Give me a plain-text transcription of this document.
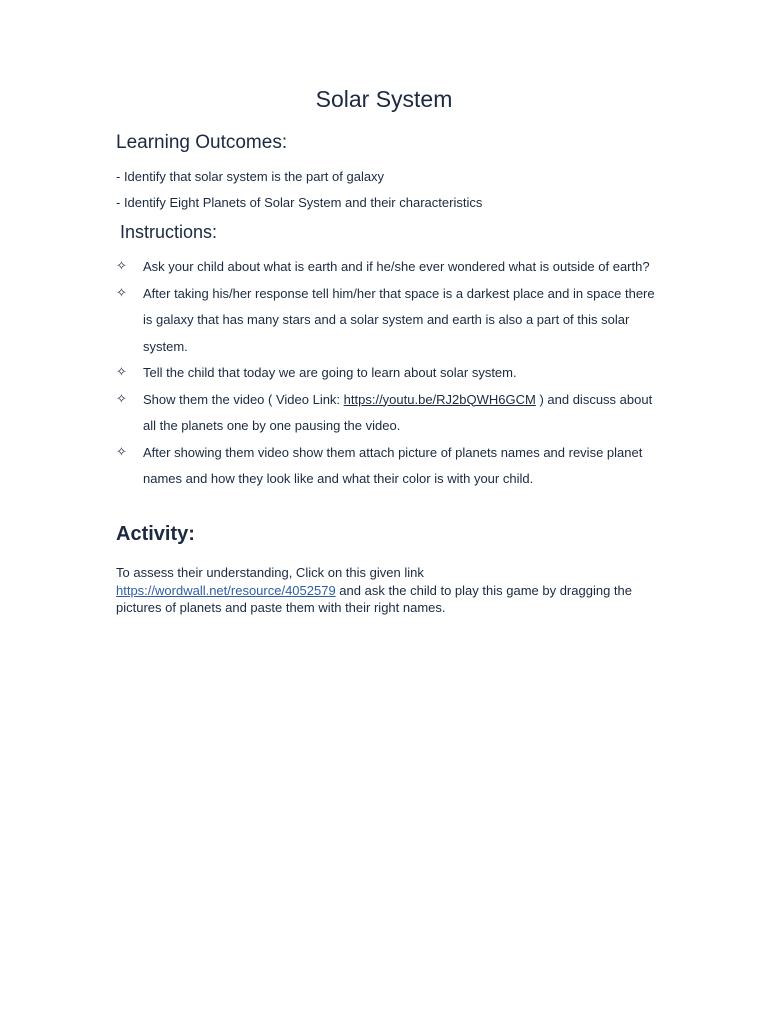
Solar System
Learning Outcomes:
- Identify that solar system is the part of galaxy
- Identify Eight Planets of Solar System and their characteristics
Instructions:
✧ Ask your child about what is earth and if he/she ever wondered what is outside of earth?
✧ After taking his/her response tell him/her that space is a darkest place and in space there is galaxy that has many stars and a solar system and earth is also a part of this solar system.
✧ Tell the child that today we are going to learn about solar system.
✧ Show them the video ( Video Link: https://youtu.be/RJ2bQWH6GCM ) and discuss about all the planets one by one pausing the video.
✧ After showing them video show them attach picture of planets names and revise planet names and how they look like and what their color is with your child.
Activity:
To assess their understanding, Click on this given link https://wordwall.net/resource/4052579 and ask the child to play this game by dragging the pictures of planets and paste them with their right names.
